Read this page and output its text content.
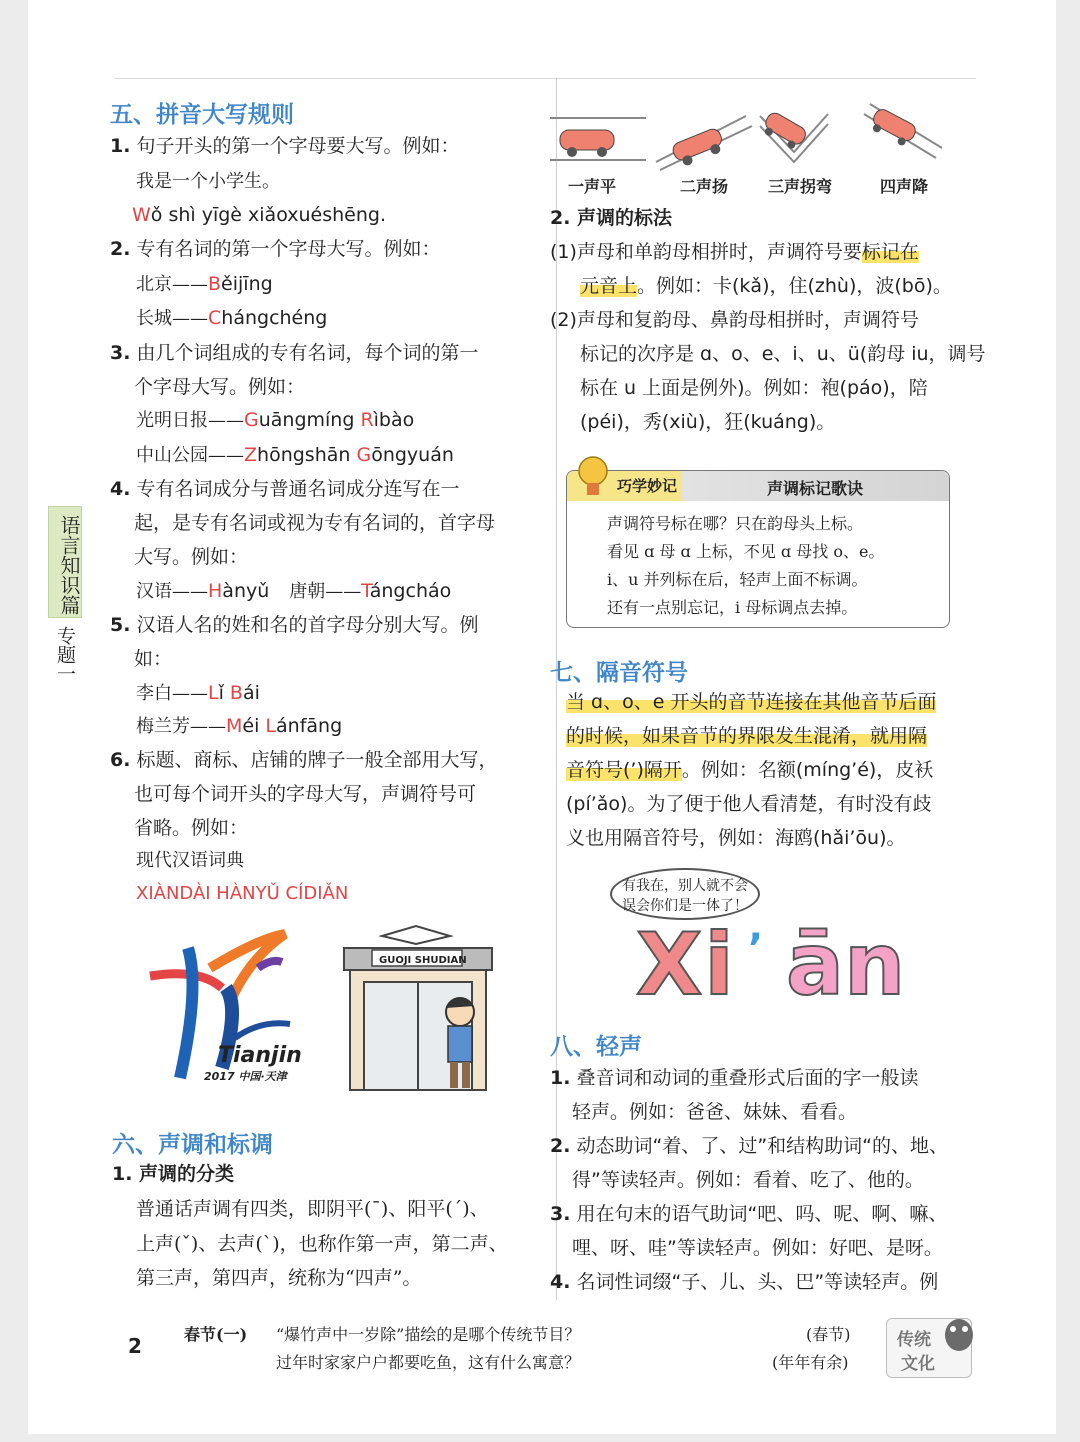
语言知识篇
专题一
五、拼音大写规则
1. 句子开头的第一个字母要大写。例如：
我是一个小学生。
Wǒ shì yīgè xiǎoxuéshēng.
2. 专有名词的第一个字母大写。例如：
北京——Běijīng
长城——Chángchéng
3. 由几个词组成的专有名词，每个词的第一
个字母大写。例如：
光明日报——Guāngmíng Rìbào
中山公园——Zhōngshān Gōngyuán
4. 专有名词成分与普通名词成分连写在一
起，是专有名词或视为专有名词的，首字母
大写。例如：
汉语——Hànyǔ 唐朝——Tángcháo
5. 汉语人名的姓和名的首字母分别大写。例
如：
李白——Lǐ Bái
梅兰芳——Méi Lánfāng
6. 标题、商标、店铺的牌子一般全部用大写，
也可每个词开头的字母大写，声调符号可
省略。例如：
现代汉语词典
XIÀNDÀI HÀNYǓ CÍDIǍN
Tianjin
2017 中国·天津
GUOJI SHUDIAN
六、声调和标调
1. 声调的分类
普通话声调有四类，即阴平(ˉ)、阳平(ˊ)、
上声(ˇ)、去声(ˋ)，也称作第一声，第二声、
第三声，第四声，统称为“四声”。
一声平	二声扬 三声拐弯	四声降
2. 声调的标法
(1)声母和单韵母相拼时，声调符号要标记在
元音上。例如：卡(kǎ)，住(zhù)，波(bō)。
(2)声母和复韵母、鼻韵母相拼时，声调符号
标记的次序是 ɑ、o、e、i、u、ü(韵母 iu，调号
标在 u 上面是例外)。例如：袍(páo)，陪
(péi)，秀(xiù)，狂(kuáng)。
巧学妙记	声调标记歌诀
声调符号标在哪？只在韵母头上标。
看见 ɑ 母 ɑ 上标，不见 ɑ 母找 o、e。
i、u 并列标在后，轻声上面不标调。
还有一点别忘记，i 母标调点去掉。
七、隔音符号
当 ɑ、o、e 开头的音节连接在其他音节后面
的时候，如果音节的界限发生混淆，就用隔
音符号(’)隔开。例如：名额(míng’é)，皮袄
(pí’ǎo)。为了便于他人看清楚，有时没有歧
义也用隔音符号，例如：海鸥(hǎi’ōu)。
有我在，别人就不会
误会你们是一体了！
Xi ’ ān
八、轻声
1. 叠音词和动词的重叠形式后面的字一般读
轻声。例如：爸爸、妹妹、看看。
2. 动态助词“着、了、过”和结构助词“的、地、
得”等读轻声。例如：看着、吃了、他的。
3. 用在句末的语气助词“吧、吗、呢、啊、嘛、
哩、呀、哇”等读轻声。例如：好吧、是呀。
4. 名词性词缀“子、儿、头、巴”等读轻声。例
2	春节(一) “爆竹声中一岁除”描绘的是哪个传统节目？
过年时家家户户都要吃鱼，这有什么寓意？
(春节)
(年年有余)
传统
文化
